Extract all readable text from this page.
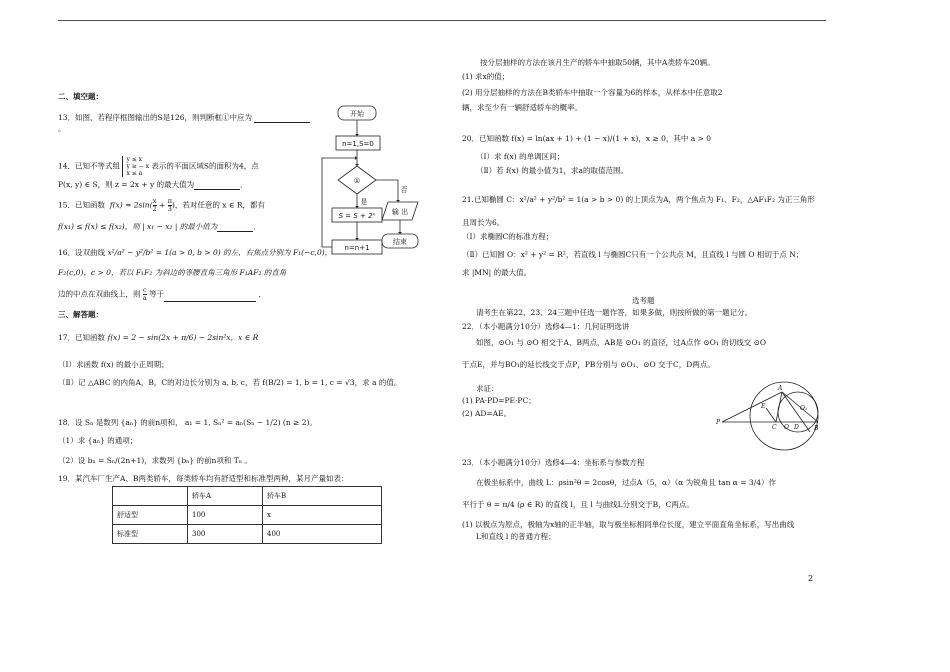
二、填空题：
13．如图，若程序框图输出的S是126，则判断框①中应为
。
14．已知不等式组
y ≤ x
y ≥ − x
x ≤ a
表示的平面区域S的面积为4，点
P(x, y) ∈ S，则 z = 2x + y 的最大值为	．
15．已知函数 $f(x) = 2\sin( \frac{x}{2} + \frac{\pi}{3}$ )，若对任意的 x ∈ R，都有
f(x₁) ≤ f(x) ≤ f(x₂)，则 | x₁ − x₂ | 的最小值为	．
16．设双曲线 x²/a² − y²/b² = 1(a > 0, b > 0) 的左、右焦点分别为 F₁(−c,0)，
F₂(c,0)，c > 0，若以 F₁F₂ 为斜边的等腰直角三角形 F₁AF₂ 的直角
边的中点在双曲线上，则 $\frac{c}{a}$ 等于	．
三、解答题：
17．已知函数 f(x) = 2 − sin(2x + π/6) − 2sin²x，x ∈ R
（Ⅰ）求函数 f(x) 的最小正周期；
（Ⅱ）记 △ABC 的内角A，B，C的对边长分别为 a, b, c，若 f(B/2) = 1, b = 1, c = √3，求 a 的值。
18．设 Sₙ 是数列 {aₙ} 的前n项和， a₁ = 1, Sₙ² = aₙ(Sₙ − 1/2) (n ≥ 2)。
（1）求 {aₙ} 的通项；
（2）设 bₙ = Sₙ/(2n+1)，求数列 {bₙ} 的前n项和 Tₙ 。
19．某汽车厂生产A、B两类轿车，每类轿车均有舒适型和标准型两种，某月产量如表：
	轿车A	轿车B
舒适型	100	x
标准型	300	400
开始
n=1,S=0
①
是
否
S = S + 2ⁿ 输 出
结束
n=n+1
按分层抽样的方法在该月生产的轿车中抽取50辆，其中A类轿车20辆。
(1) 求x的值；
(2) 用分层抽样的方法在B类轿车中抽取一个容量为6的样本，从样本中任意取2
辆，求至少有一辆舒适轿车的概率。
20．已知函数 f(x) = ln(ax + 1) + (1 − x)/(1 + x)，x ≥ 0，其中 a > 0
（Ⅰ）求 f(x) 的单调区间；
（Ⅱ）若 f(x) 的最小值为1，求a的取值范围。
21.已知椭圆 C：x²/a² + y²/b² = 1(a > b > 0) 的上顶点为A，两个焦点为 F₁、F₂，△AF₁F₂ 为正三角形
且周长为6。
（Ⅰ）求椭圆C的标准方程；
（Ⅱ）已知圆 O：x² + y² = R²，若直线 l 与椭圆C只有一个公共点 M，且直线 l 与圆 O 相切于点 N；
求 |MN| 的最大值。
选考题
请考生在第22、23、24三题中任选一题作答，如果多做，则按所做的第一题记分。
22．（本小题满分10分）选修4—1：几何证明选讲
如图，⊙O₁ 与 ⊙O 相交于A、B两点，AB是 ⊙O₁ 的直径，过A点作 ⊙O₁ 的切线交 ⊙O
于点E，并与BO₁的延长线交于点P，PB分别与 ⊙O₁、⊙O 交于C，D两点。
求证：
(1) PA·PD=PE·PC；
(2) AD=AE。
A
E
P
C O	B
D
O₁
23．（本小题满分10分）选修4—4：坐标系与参数方程
在极坐标系中，曲线 L：ρsin²θ = 2cosθ，过点A（5，α）（α 为锐角且 tan α = 3/4）作
平行于 θ = π/4 (ρ ∈ R) 的直线 l，且 l 与曲线L分别交于B，C两点。
(1) 以极点为原点，极轴为x轴的正半轴，取与极坐标相同单位长度，建立平面直角坐标系，写出曲线
L和直线 l 的普通方程；
2
